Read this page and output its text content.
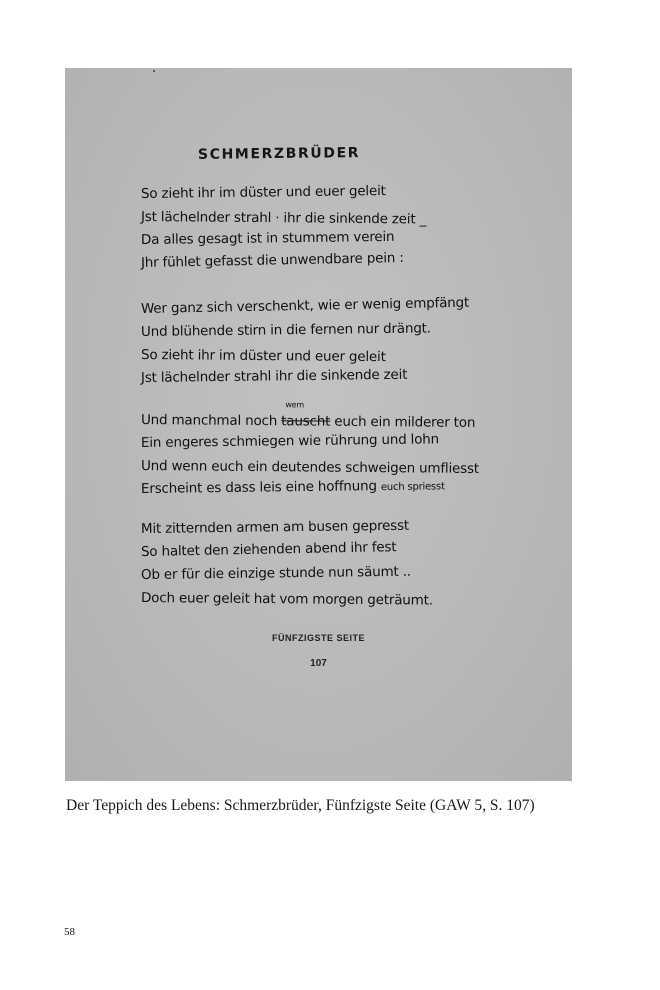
SCHMERZBRÜDER
So zieht ihr im düster und euer geleit
Jst lächelnder strahl · ihr die sinkende zeit _
Da alles gesagt ist in stummem verein
Jhr fühlet gefasst die unwendbare pein :
Wer ganz sich verschenkt, wie er wenig empfängt
Und blühende stirn in die fernen nur drängt.
So zieht ihr im düster und euer geleit
Jst lächelnder strahl ihr die sinkende zeit
Und manchmal noch
wem
tauscht euch ein milderer ton
Ein engeres schmiegen wie rührung und lohn
Und wenn euch ein deutendes schweigen umfliesst
Erscheint es dass leis eine hoffnung euch spriesst
Mit zitternden armen am busen gepresst
So haltet den ziehenden abend ihr fest
Ob er für die einzige stunde nun säumt ..
Doch euer geleit hat vom morgen geträumt.
FÜNFZIGSTE SEITE
107
Der Teppich des Lebens: Schmerzbrüder, Fünfzigste Seite (GAW 5, S. 107)
58
